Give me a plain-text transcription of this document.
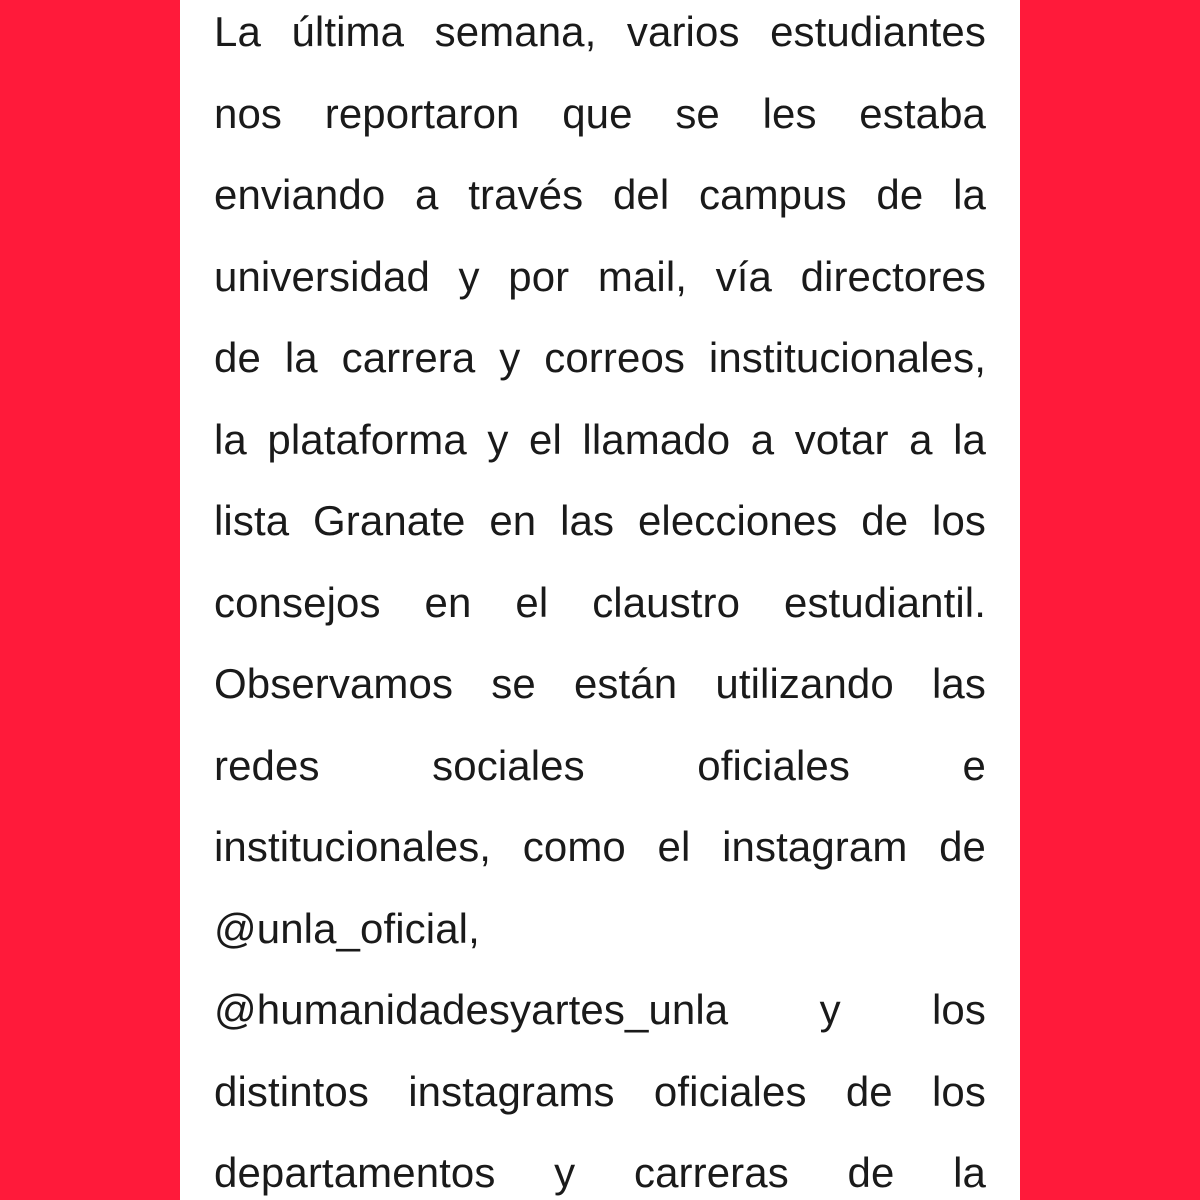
La última semana, varios estudiantes
nos reportaron que se les estaba
enviando a través del campus de la
universidad y por mail, vía directores
de la carrera y correos institucionales,
la plataforma y el llamado a votar a la
lista Granate en las elecciones de los
consejos en el claustro estudiantil.
Observamos se están utilizando las
redes sociales oficiales e
institucionales, como el instagram de
@unla_oficial,
@humanidadesyartes_unla y los
distintos instagrams oficiales de los
departamentos y carreras de la
